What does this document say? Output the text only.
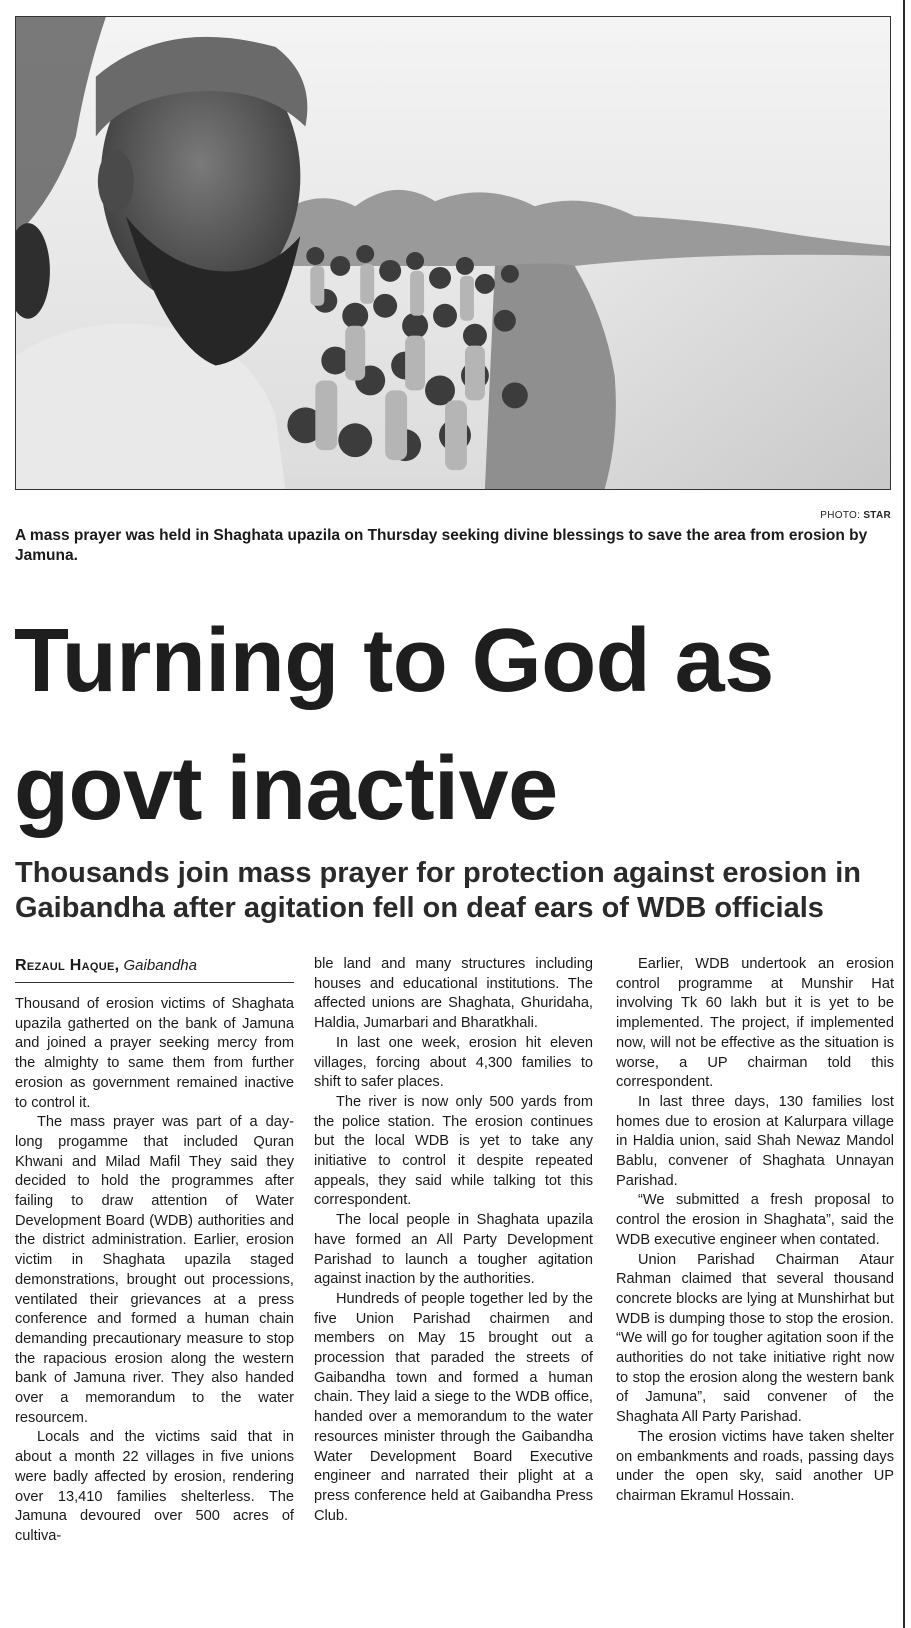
PHOTO: STAR
A mass prayer was held in Shaghata upazila on Thursday seeking divine blessings to save the area from erosion by Jamuna.
Turning to God as govt inactive
Thousands join mass prayer for protection against erosion in Gaibandha after agitation fell on deaf ears of WDB officials
Rezaul Haque, Gaibandha

Thousand of erosion victims of Shaghata upazila gatherted on the bank of Jamuna and joined a prayer seeking mercy from the almighty to same them from further erosion as government remained inactive to control it.

The mass prayer was part of a day-long progamme that included Quran Khwani and Milad Mafil They said they decided to hold the programmes after failing to draw attention of Water Development Board (WDB) authorities and the district administration. Earlier, erosion victim in Shaghata upazila staged demonstrations, brought out processions, ventilated their grievances at a press conference and formed a human chain demanding precautionary measure to stop the rapacious erosion along the western bank of Jamuna river. They also handed over a memorandum to the water resourcem.

Locals and the victims said that in about a month 22 villages in five unions were badly affected by erosion, rendering over 13,410 families shelterless. The Jamuna devoured over 500 acres of cultiva-

ble land and many structures including houses and educational institutions. The affected unions are Shaghata, Ghuridaha, Haldia, Jumarbari and Bharatkhali.

In last one week, erosion hit eleven villages, forcing about 4,300 families to shift to safer places.

The river is now only 500 yards from the police station. The erosion continues but the local WDB is yet to take any initiative to control it despite repeated appeals, they said while talking tot this correspondent.

The local people in Shaghata upazila have formed an All Party Development Parishad to launch a tougher agitation against inaction by the authorities.

Hundreds of people together led by the five Union Parishad chairmen and members on May 15 brought out a procession that paraded the streets of Gaibandha town and formed a human chain. They laid a siege to the WDB office, handed over a memorandum to the water resources minister through the Gaibandha Water Development Board Executive engineer and narrated their plight at a press conference held at Gaibandha Press Club.

Earlier, WDB undertook an erosion control programme at Munshir Hat involving Tk 60 lakh but it is yet to be implemented. The project, if implemented now, will not be effective as the situation is worse, a UP chairman told this correspondent.

In last three days, 130 families lost homes due to erosion at Kalurpara village in Haldia union, said Shah Newaz Mandol Bablu, convener of Shaghata Unnayan Parishad.

“We submitted a fresh proposal to control the erosion in Shaghata”, said the WDB executive engineer when contated.

Union Parishad Chairman Ataur Rahman claimed that several thousand concrete blocks are lying at Munshirhat but WDB is dumping those to stop the erosion. “We will go for tougher agitation soon if the authorities do not take initiative right now to stop the erosion along the western bank of Jamuna”, said convener of the Shaghata All Party Parishad.

The erosion victims have taken shelter on embankments and roads, passing days under the open sky, said another UP chairman Ekramul Hossain.
